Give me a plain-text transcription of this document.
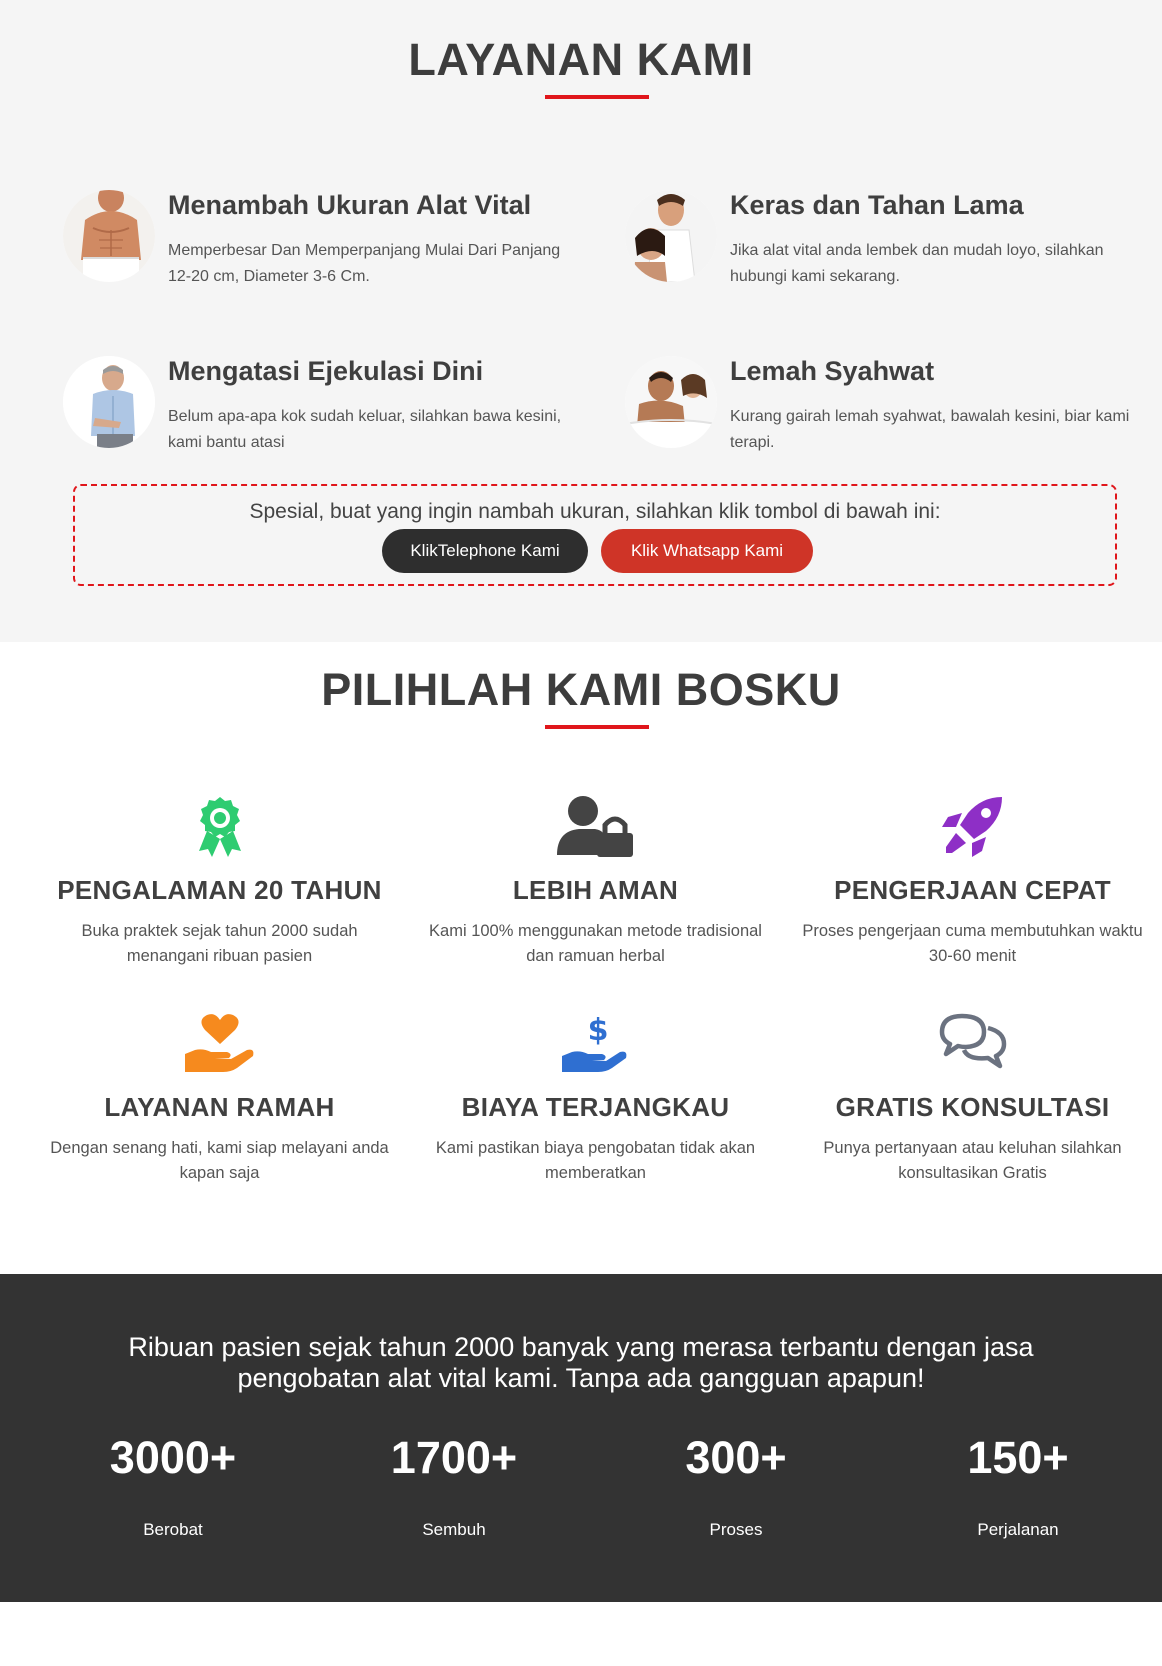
LAYANAN KAMI
Menambah Ukuran Alat Vital
Memperbesar Dan Memperpanjang Mulai Dari Panjang 12-20 cm, Diameter 3-6 Cm.
Keras dan Tahan Lama
Jika alat vital anda lembek dan mudah loyo, silahkan hubungi kami sekarang.
Mengatasi Ejekulasi Dini
Belum apa-apa kok sudah keluar, silahkan bawa kesini, kami bantu atasi
Lemah Syahwat
Kurang gairah lemah syahwat, bawalah kesini, biar kami terapi.
Spesial, buat yang ingin nambah ukuran, silahkan klik tombol di bawah ini:
KlikTelephone Kami	Klik Whatsapp Kami
PILIHLAH KAMI BOSKU
PENGALAMAN 20 TAHUN
Buka praktek sejak tahun 2000 sudah menangani ribuan pasien
LEBIH AMAN
Kami 100% menggunakan metode tradisional dan ramuan herbal
PENGERJAAN CEPAT
Proses pengerjaan cuma membutuhkan waktu 30-60 menit
LAYANAN RAMAH
Dengan senang hati, kami siap melayani anda kapan saja
$
BIAYA TERJANGKAU
Kami pastikan biaya pengobatan tidak akan memberatkan
GRATIS KONSULTASI
Punya pertanyaan atau keluhan silahkan konsultasikan Gratis
Ribuan pasien sejak tahun 2000 banyak yang merasa terbantu dengan jasa pengobatan alat vital kami. Tanpa ada gangguan apapun!
3000+
Berobat
1700+
Sembuh
300+
Proses
150+
Perjalanan
